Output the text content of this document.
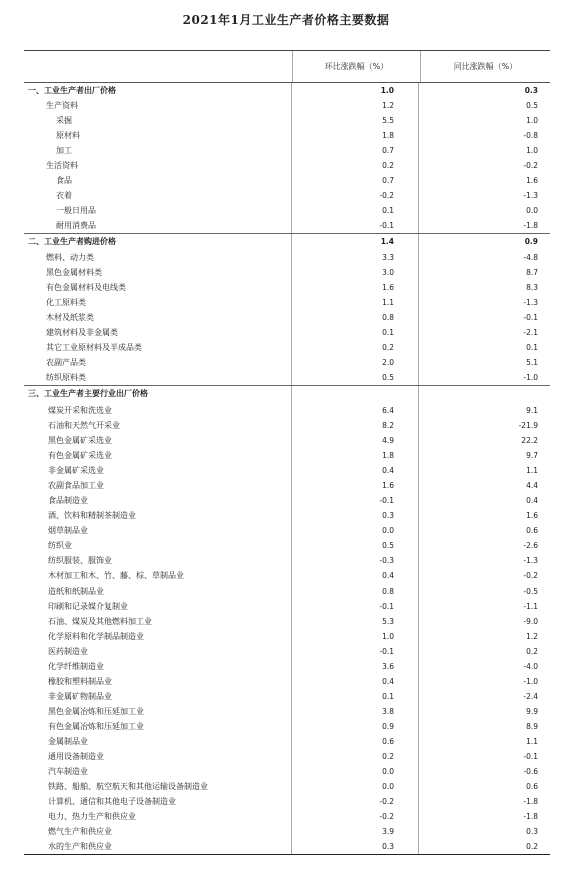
2021年1月工业生产者价格主要数据
环比涨跌幅（%）	同比涨跌幅（%）
一、工业生产者出厂价格	1.0	0.3
生产资料	1.2	0.5
采掘	5.5	1.0
原材料	1.8	-0.8
加工	0.7	1.0
生活资料	0.2	-0.2
食品	0.7	1.6
衣着	-0.2	-1.3
一般日用品	0.1	0.0
耐用消费品	-0.1	-1.8
二、工业生产者购进价格	1.4	0.9
燃料、动力类	3.3	-4.8
黑色金属材料类	3.0	8.7
有色金属材料及电线类	1.6	8.3
化工原料类	1.1	-1.3
木材及纸浆类	0.8	-0.1
建筑材料及非金属类	0.1	-2.1
其它工业原材料及半成品类	0.2	0.1
农副产品类	2.0	5.1
纺织原料类	0.5	-1.0
三、工业生产者主要行业出厂价格
煤炭开采和洗选业	6.4	9.1
石油和天然气开采业	8.2	-21.9
黑色金属矿采选业	4.9	22.2
有色金属矿采选业	1.8	9.7
非金属矿采选业	0.4	1.1
农副食品加工业	1.6	4.4
食品制造业	-0.1	0.4
酒、饮料和精制茶制造业	0.3	1.6
烟草制品业	0.0	0.6
纺织业	0.5	-2.6
纺织服装、服饰业	-0.3	-1.3
木材加工和木、竹、藤、棕、草制品业	0.4	-0.2
造纸和纸制品业	0.8	-0.5
印刷和记录媒介复制业	-0.1	-1.1
石油、煤炭及其他燃料加工业	5.3	-9.0
化学原料和化学制品制造业	1.0	1.2
医药制造业	-0.1	0.2
化学纤维制造业	3.6	-4.0
橡胶和塑料制品业	0.4	-1.0
非金属矿物制品业	0.1	-2.4
黑色金属冶炼和压延加工业	3.8	9.9
有色金属冶炼和压延加工业	0.9	8.9
金属制品业	0.6	1.1
通用设备制造业	0.2	-0.1
汽车制造业	0.0	-0.6
铁路、船舶、航空航天和其他运输设备制造业	0.0	0.6
计算机、通信和其他电子设备制造业	-0.2	-1.8
电力、热力生产和供应业	-0.2	-1.8
燃气生产和供应业	3.9	0.3
水的生产和供应业	0.3	0.2
